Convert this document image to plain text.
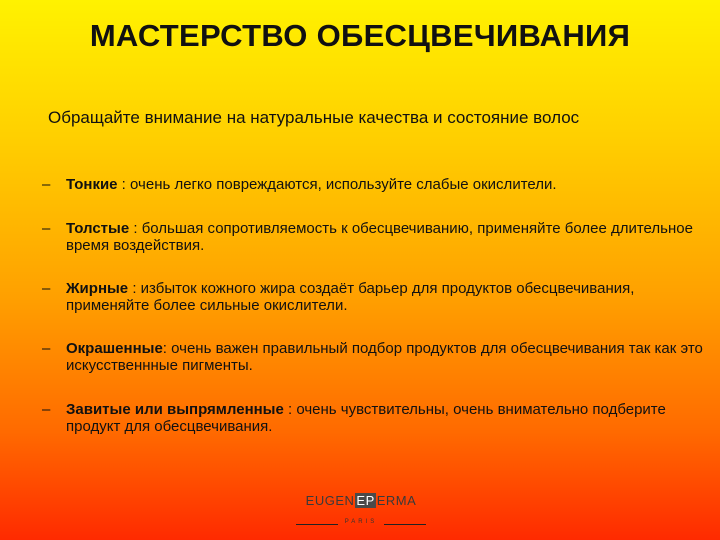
МАСТЕРСТВО ОБЕСЦВЕЧИВАНИЯ
Обращайте внимание на натуральные качества и состояние волос
–	Тонкие : очень легко повреждаются, используйте слабые окислители.
–	Толстые : большая сопротивляемость к обесцвечиванию, применяйте более длительное время воздействия.
–	Жирные : избыток кожного жира создаёт барьер для продуктов обесцвечивания, применяйте более сильные окислители.
–	Окрашенные: очень важен правильный подбор продуктов для обесцвечивания так как это искусственнные пигменты.
–	Завитые или выпрямленные : очень чувствительны, очень внимательно подберите продукт для обесцвечивания.
EUGEN EP ERMA
PARIS
